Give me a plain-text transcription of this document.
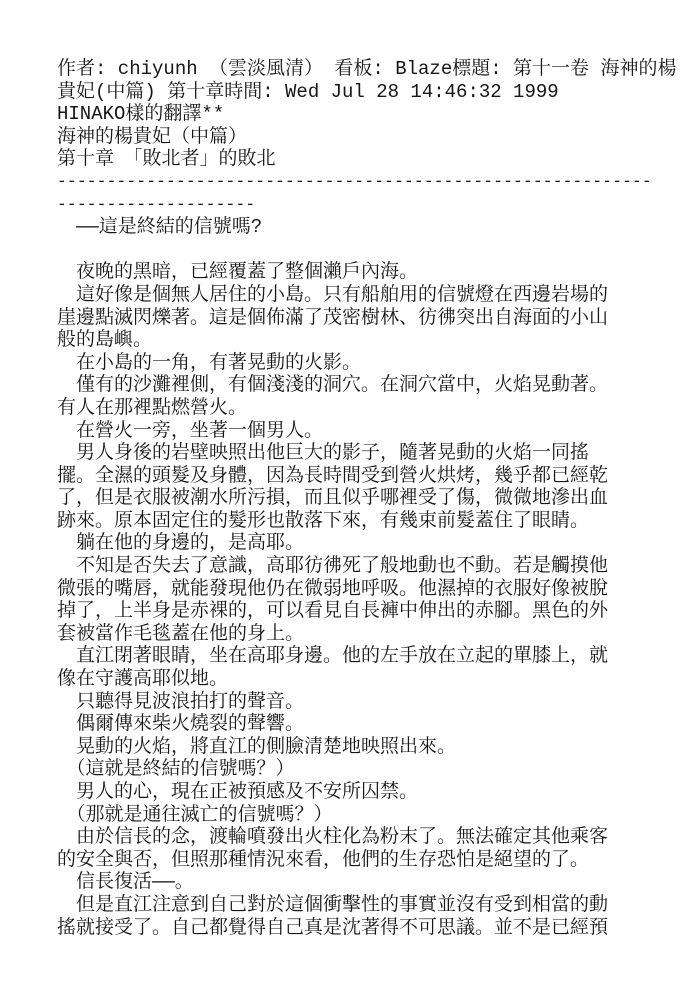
作者: chiyunh （雲淡風清） 看板: Blaze標題: 第十一卷 海神的楊
貴妃(中篇) 第十章時間: Wed Jul 28 14:46:32 1999
HINAKO樣的翻譯**
海神的楊貴妃（中篇）
第十章　「敗北者」的敗北
------------------------------------------------------------
--------------------
　——這是終結的信號嗎?
　夜晚的黑暗，已經覆蓋了整個瀨戶內海。
　這好像是個無人居住的小島。只有船舶用的信號燈在西邊岩場的
崖邊點滅閃爍著。這是個佈滿了茂密樹林、彷彿突出自海面的小山
般的島嶼。
　在小島的一角，有著晃動的火影。
　僅有的沙灘裡側，有個淺淺的洞穴。在洞穴當中，火焰晃動著。
有人在那裡點燃營火。
　在營火一旁，坐著一個男人。
　男人身後的岩壁映照出他巨大的影子，隨著晃動的火焰一同搖
擺。全濕的頭髮及身體，因為長時間受到營火烘烤，幾乎都已經乾
了，但是衣服被潮水所污損，而且似乎哪裡受了傷，微微地滲出血
跡來。原本固定住的髮形也散落下來，有幾束前髮蓋住了眼睛。
　躺在他的身邊的，是高耶。
　不知是否失去了意識，高耶彷彿死了般地動也不動。若是觸摸他
微張的嘴唇，就能發現他仍在微弱地呼吸。他濕掉的衣服好像被脫
掉了，上半身是赤裸的，可以看見自長褲中伸出的赤腳。黑色的外
套被當作毛毯蓋在他的身上。
　直江閉著眼睛，坐在高耶身邊。他的左手放在立起的單膝上，就
像在守護高耶似地。
　只聽得見波浪拍打的聲音。
　偶爾傳來柴火燒裂的聲響。
　晃動的火焰，將直江的側臉清楚地映照出來。
　（這就是終結的信號嗎？）
　男人的心，現在正被預感及不安所囚禁。
　（那就是通往滅亡的信號嗎？）
　由於信長的念，渡輪噴發出火柱化為粉末了。無法確定其他乘客
的安全與否，但照那種情況來看，他們的生存恐怕是絕望的了。
　信長復活——。
　但是直江注意到自己對於這個衝擊性的事實並沒有受到相當的動
搖就接受了。自己都覺得自己真是沈著得不可思議。並不是已經預
